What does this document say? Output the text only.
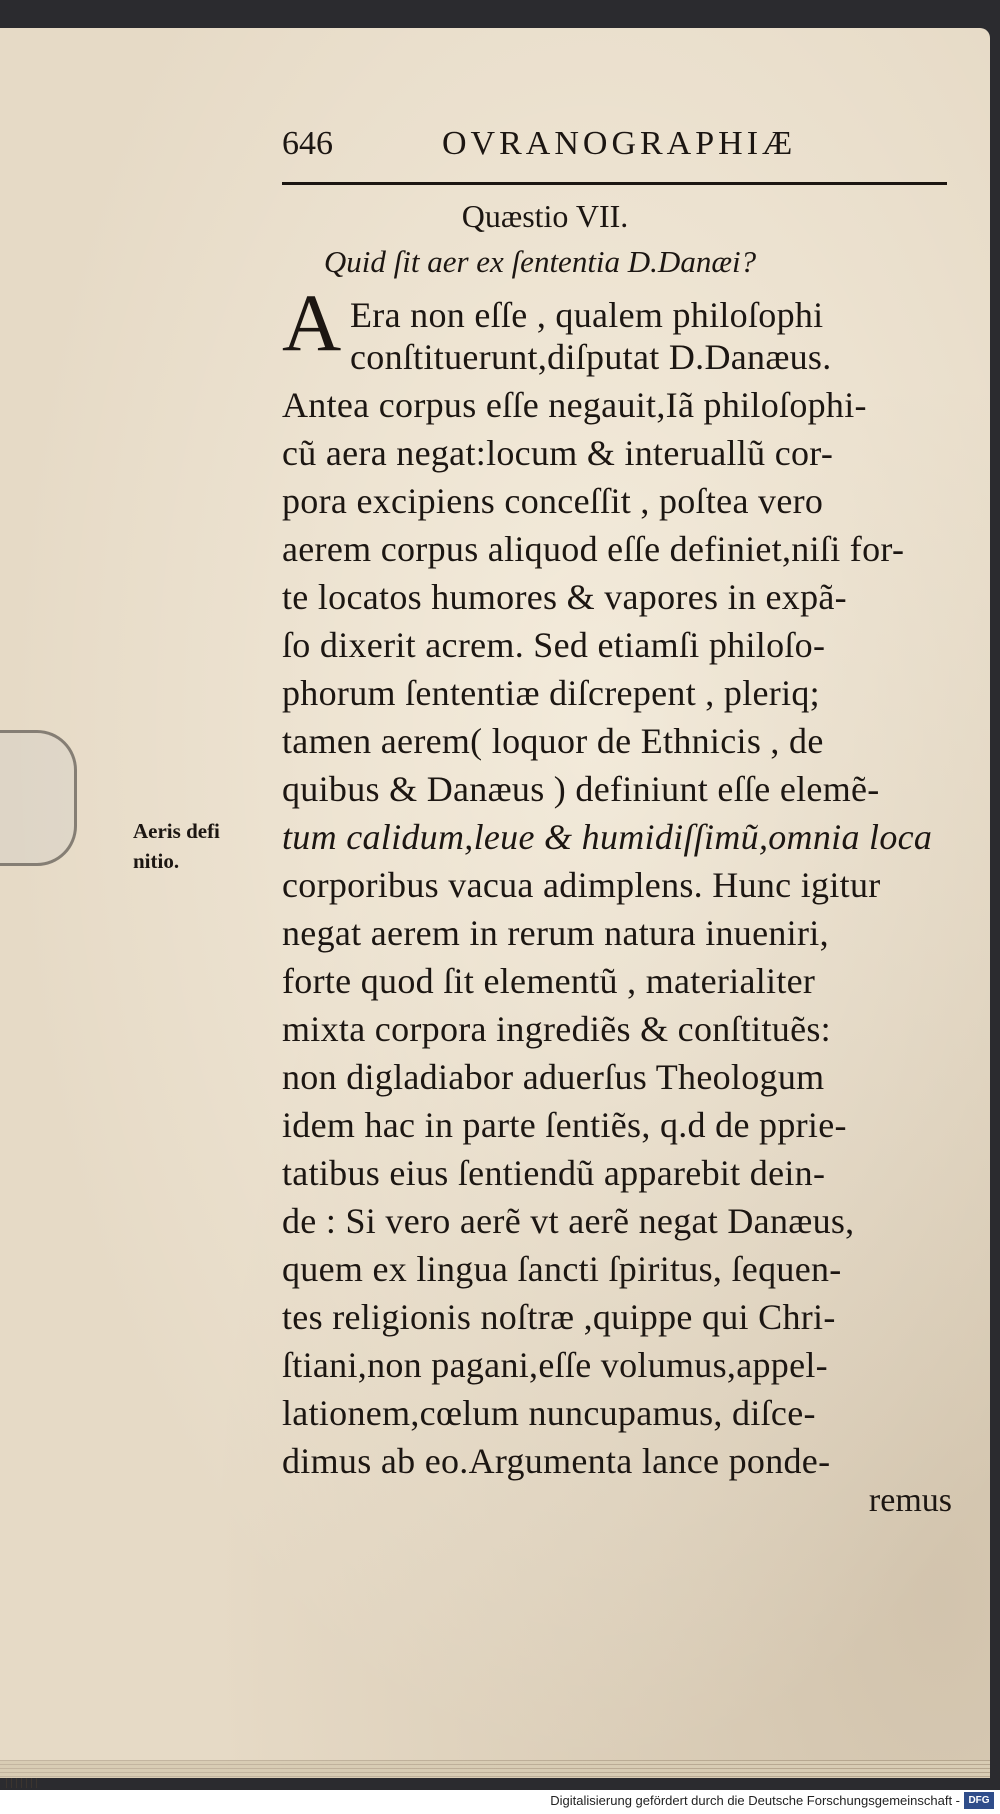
646	OVRANOGRAPHIÆ
Quæstio VII.
Quid ſit aer ex ſententia D.Danæi?
A Era non eſſe , qualem philoſophi
conſtituerunt,diſputat D.Danæus.
Antea corpus eſſe negauit,Iã philoſophi-
cũ aera negat:locum & interuallũ cor-
pora excipiens conceſſit , poſtea vero
aerem corpus aliquod eſſe definiet,niſi for-
te locatos humores & vapores in expã-
ſo dixerit acrem. Sed etiamſi philoſo-
phorum ſententiæ diſcrepent , pleriq;
tamen aerem( loquor de Ethnicis , de
quibus & Danæus ) definiunt eſſe elemẽ-
tum calidum,leue & humidiſſimũ,omnia loca
corporibus vacua adimplens. Hunc igitur
negat aerem in rerum natura inueniri,
forte quod ſit elementũ , materialiter
mixta corpora ingrediẽs & conſtituẽs:
non digladiabor aduerſus Theologum
idem hac in parte ſentiẽs, q.d de pprie-
tatibus eius ſentiendũ apparebit dein-
de : Si vero aerẽ vt aerẽ negat Danæus,
quem ex lingua ſancti ſpiritus, ſequen-
tes religionis noſtræ ,quippe qui Chri-
ſtiani,non pagani,eſſe volumus,appel-
lationem,cœlum nuncupamus, diſce-
dimus ab eo.Argumenta lance ponde-
remus
Aeris defi
nitio.
Digitalisierung gefördert durch die Deutsche Forschungsgemeinschaft - DFG
